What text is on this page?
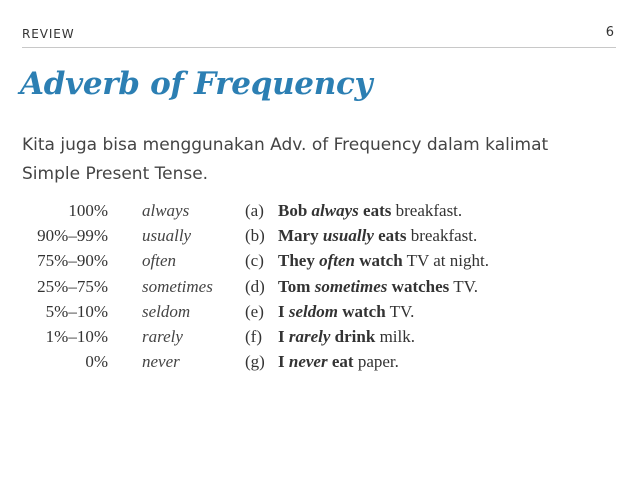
REVIEW	6
Adverb of Frequency
Kita juga bisa menggunakan Adv. of Frequency dalam kalimat Simple Present Tense.
100% always	(a) Bob always eats breakfast.
90%–99% usually	(b) Mary usually eats breakfast.
75%–90% often	(c) They often watch TV at night.
25%–75% sometimes (d) Tom sometimes watches TV.
5%–10% seldom	(e) I seldom watch TV.
1%–10% rarely	(f) I rarely drink milk.
0% never	(g) I never eat paper.
